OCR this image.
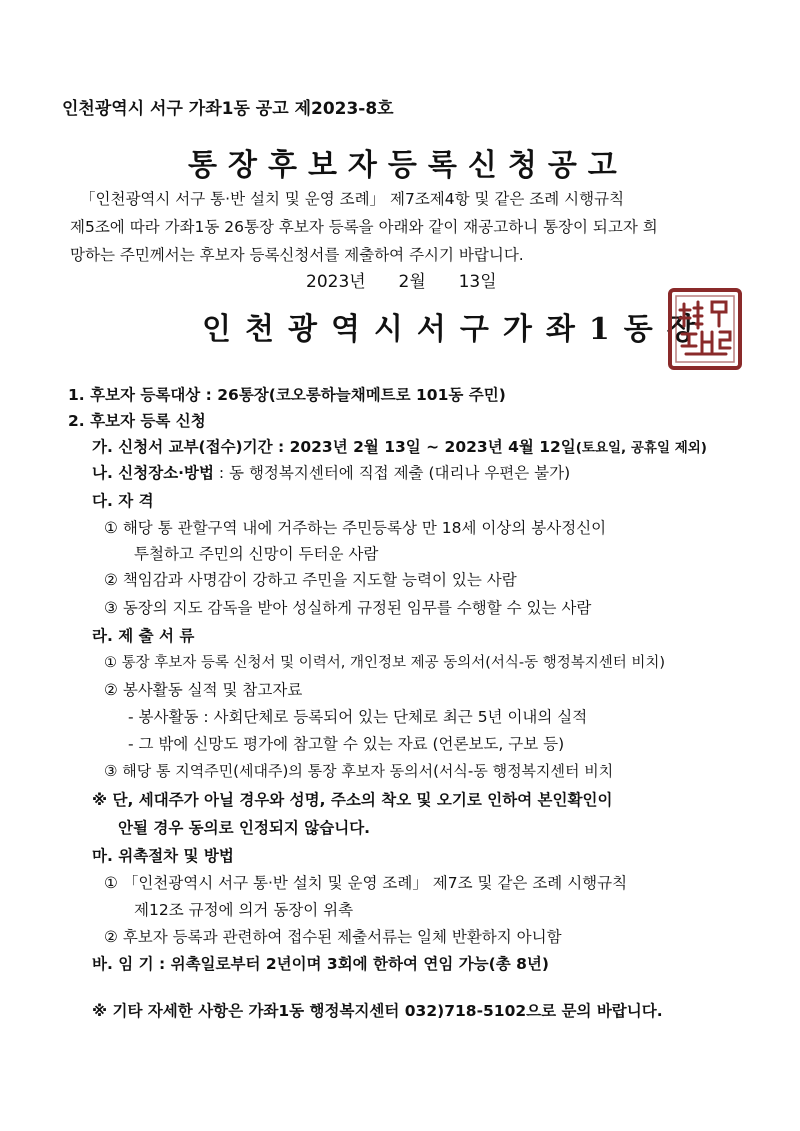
인천광역시 서구 가좌1동 공고 제2023-8호
통장후보자등록신청공고
「인천광역시 서구 통·반 설치 및 운영 조례」 제7조제4항 및 같은 조례 시행규칙
제5조에 따라 가좌1동 26통장 후보자 등록을 아래와 같이 재공고하니 통장이 되고자 희
망하는 주민께서는 후보자 등록신청서를 제출하여 주시기 바랍니다.
2023년 2월 13일
인천광역시서구가좌1동장
1. 후보자 등록대상 : 26통장(코오롱하늘채메트로 101동 주민)
2. 후보자 등록 신청
가. 신청서 교부(접수)기간 : 2023년 2월 13일 ~ 2023년 4월 12일(토요일, 공휴일 제외)
나. 신청장소·방법 : 동 행정복지센터에 직접 제출 (대리나 우편은 불가)
다. 자 격
① 해당 통 관할구역 내에 거주하는 주민등록상 만 18세 이상의 봉사정신이
투철하고 주민의 신망이 두터운 사람
② 책임감과 사명감이 강하고 주민을 지도할 능력이 있는 사람
③ 동장의 지도 감독을 받아 성실하게 규정된 임무를 수행할 수 있는 사람
라. 제 출 서 류
① 통장 후보자 등록 신청서 및 이력서, 개인정보 제공 동의서(서식-동 행정복지센터 비치)
② 봉사활동 실적 및 참고자료
- 봉사활동 : 사회단체로 등록되어 있는 단체로 최근 5년 이내의 실적
- 그 밖에 신망도 평가에 참고할 수 있는 자료 (언론보도, 구보 등)
③ 해당 통 지역주민(세대주)의 통장 후보자 동의서(서식-동 행정복지센터 비치
※ 단, 세대주가 아닐 경우와 성명, 주소의 착오 및 오기로 인하여 본인확인이
안될 경우 동의로 인정되지 않습니다.
마. 위촉절차 및 방법
① 「인천광역시 서구 통·반 설치 및 운영 조례」 제7조 및 같은 조례 시행규칙
제12조 규정에 의거 동장이 위촉
② 후보자 등록과 관련하여 접수된 제출서류는 일체 반환하지 아니함
바. 임 기 : 위촉일로부터 2년이며 3회에 한하여 연임 가능(총 8년)
※ 기타 자세한 사항은 가좌1동 행정복지센터 032)718-5102으로 문의 바랍니다.
